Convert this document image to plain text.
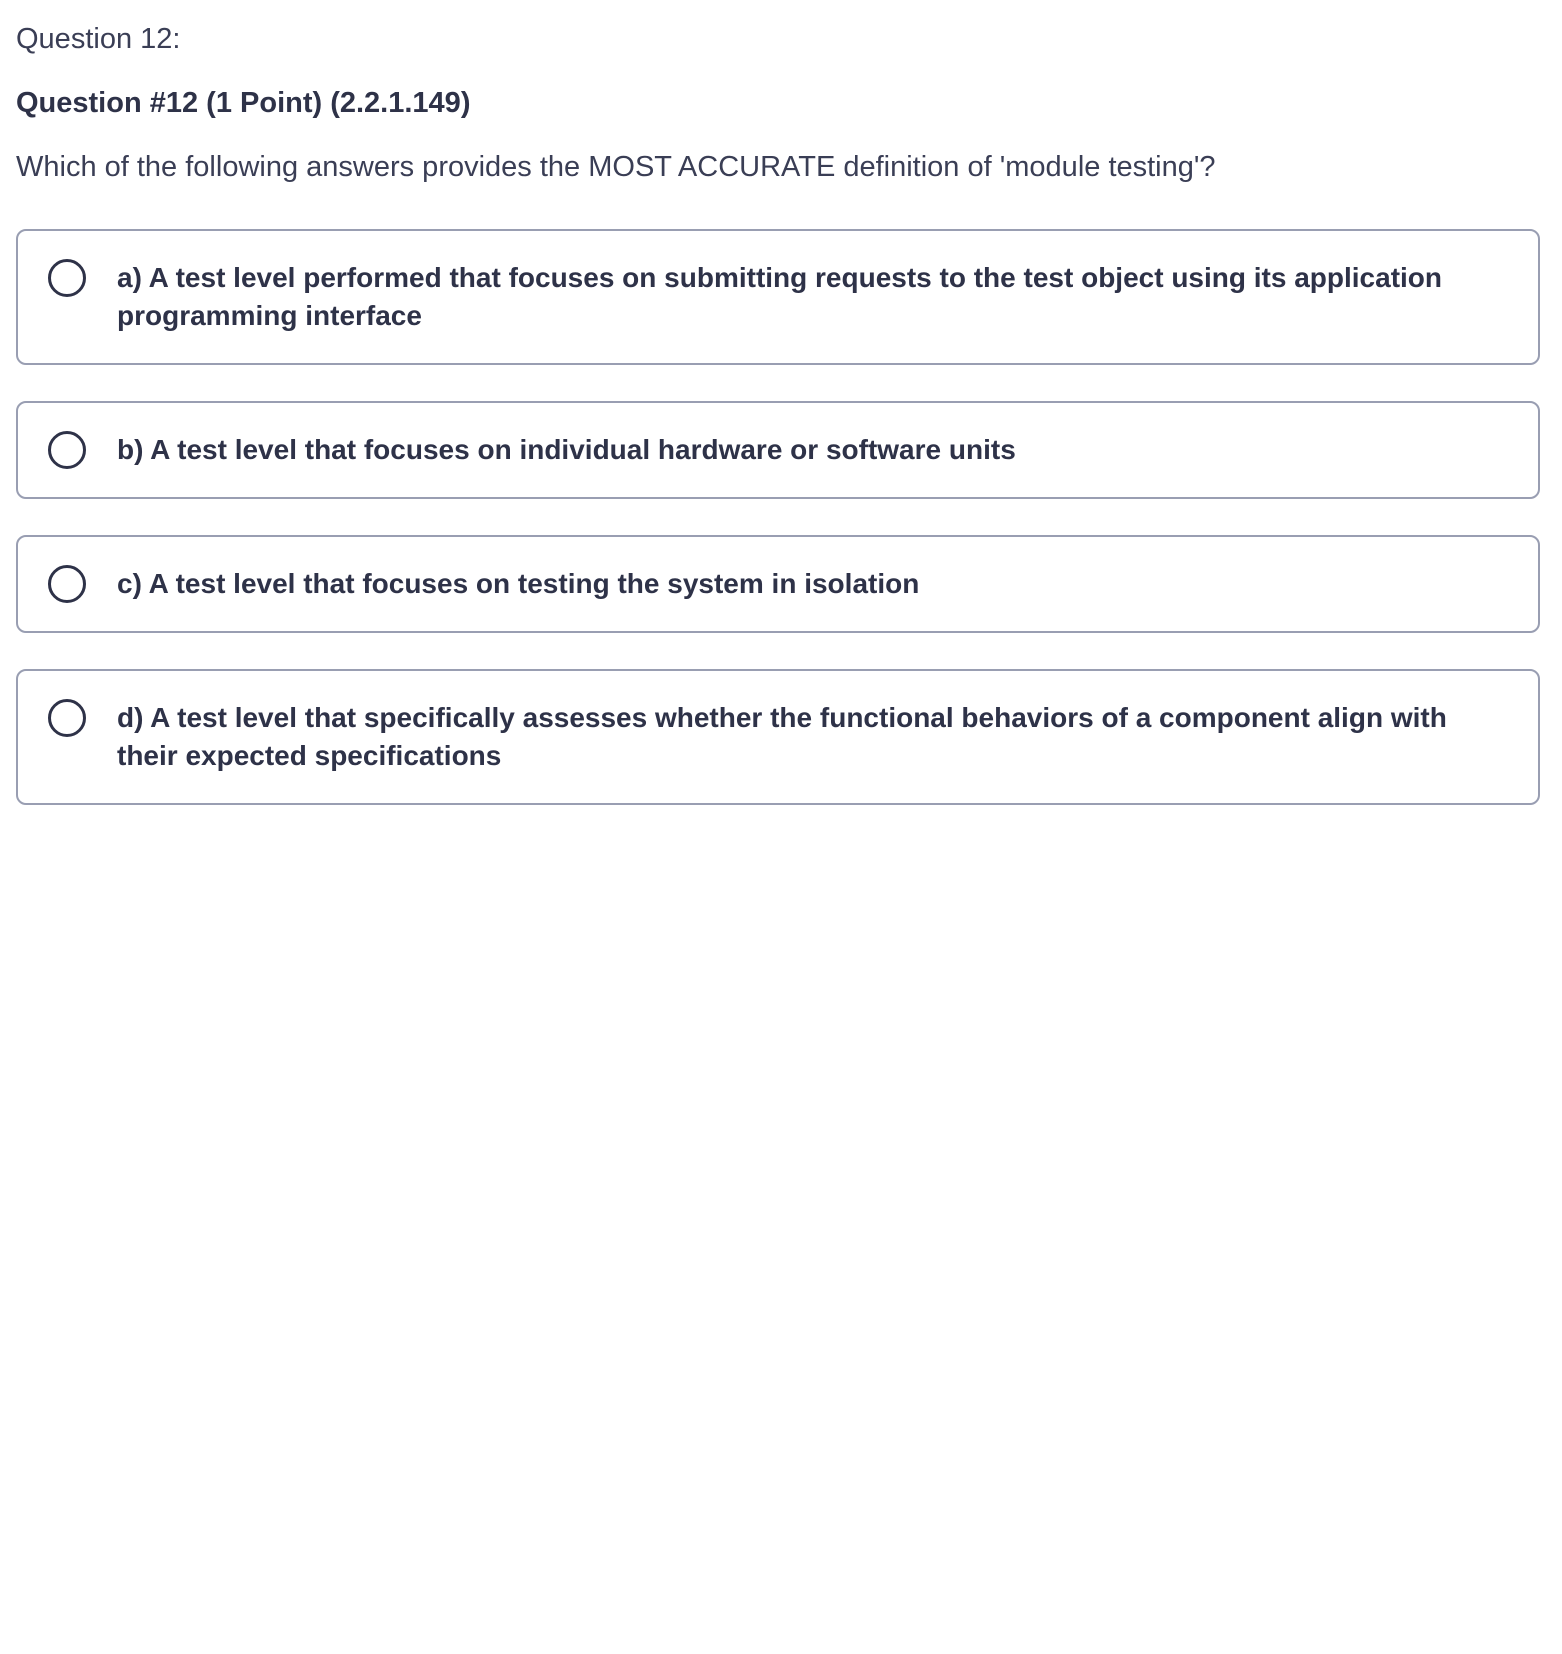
Question 12:

Question #12 (1 Point) (2.2.1.149)

Which of the following answers provides the MOST ACCURATE definition of 'module testing'?

a) A test level performed that focuses on submitting requests to the test object using its application programming interface
b) A test level that focuses on individual hardware or software units
c) A test level that focuses on testing the system in isolation
d) A test level that specifically assesses whether the functional behaviors of a component align with their expected specifications
